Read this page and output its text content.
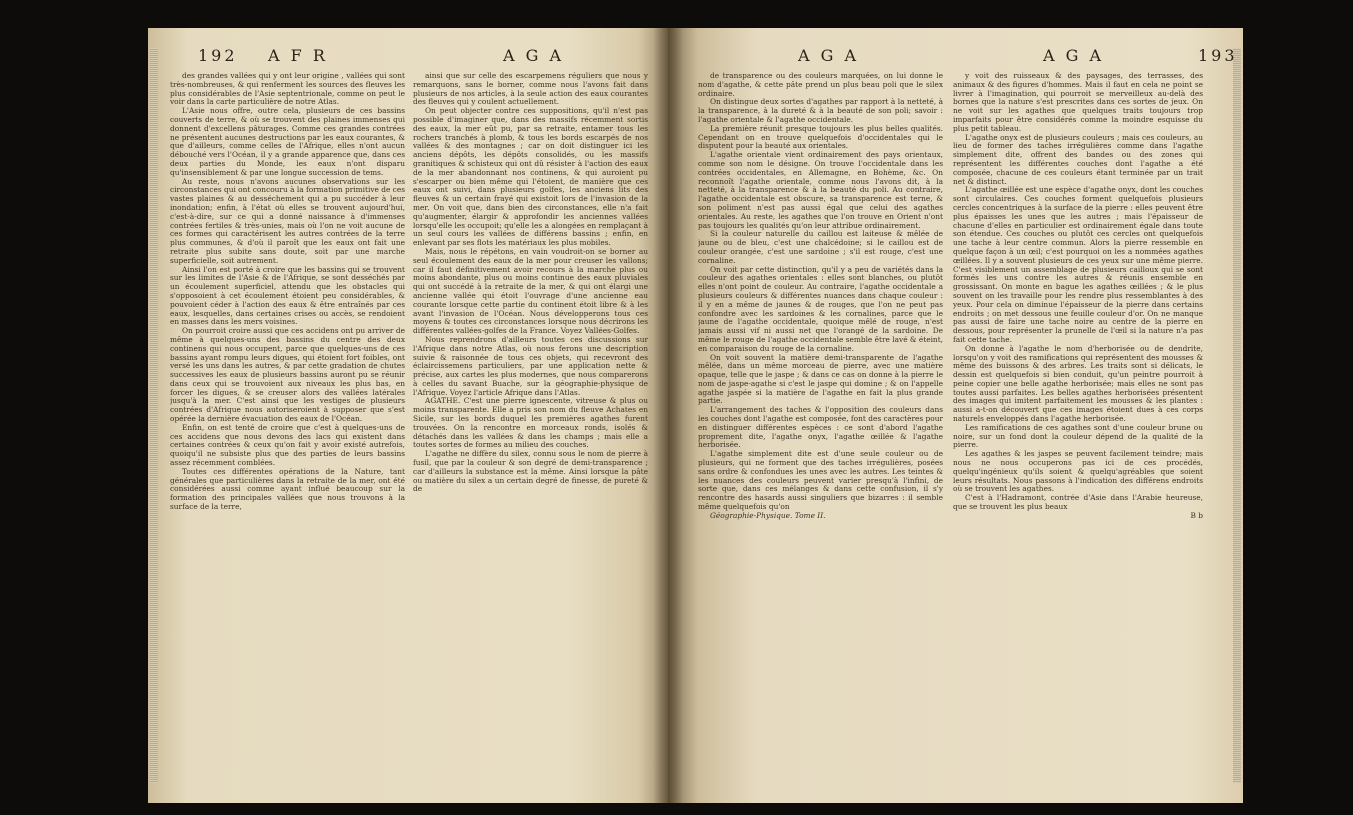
192 A F R	A G A

des grandes vallées qui y ont leur origine , vallées qui sont très-nombreuses, & qui renferment les sources des fleuves les plus considérables de l'Asie septentrionale, comme on peut le voir dans la carte particulière de notre Atlas.

L'Asie nous offre, outre cela, plusieurs de ces bassins couverts de terre, & où se trouvent des plaines immenses qui donnent d'excellens pâturages. Comme ces grandes contrées ne présentent aucunes destructions par les eaux courantes, & que d'ailleurs, comme celles de l'Afrique, elles n'ont aucun débouché vers l'Océan, il y a grande apparence que, dans ces deux parties du Monde, les eaux n'ont disparu qu'insensiblement & par une longue succession de tems.

Au reste, nous n'avons aucunes observations sur les circonstances qui ont concouru à la formation primitive de ces vastes plaines & au desséchement qui a pu succéder à leur inondation; enfin, à l'état où elles se trouvent aujourd'hui, c'est-à-dire, sur ce qui a donné naissance à d'immenses contrées fertiles & très-unies, mais où l'on ne voit aucune de ces formes qui caractérisent les autres contrées de la terre plus communes, & d'où il paroît que les eaux ont fait une retraite plus subite sans doute, soit par une marche superficielle, soit autrement.

Ainsi l'on est porté à croire que les bassins qui se trouvent sur les limites de l'Asie & de l'Afrique, se sont desséchés par un écoulement superficiel, attendu que les obstacles qui s'opposoient à cet écoulement étoient peu considérables, & pouvoient céder à l'action des eaux & être entraînés par ces eaux, lesquelles, dans certaines crises ou accès, se rendoient en masses dans les mers voisines.

On pourroit croire aussi que ces accidens ont pu arriver de même à quelques-uns des bassins du centre des deux continens qui nous occupent, parce que quelques-uns de ces bassins ayant rompu leurs digues, qui étoient fort foibles, ont versé les uns dans les autres, & par cette gradation de chutes successives les eaux de plusieurs bassins auront pu se réunir dans ceux qui se trouvoient aux niveaux les plus bas, en forcer les digues, & se creuser alors des vallées latérales jusqu'à la mer. C'est ainsi que les vestiges de plusieurs contrées d'Afrique nous autoriseroient à supposer que s'est opérée la dernière évacuation des eaux de l'Océan.

Enfin, on est tenté de croire que c'est à quelques-uns de ces accidens que nous devons des lacs qui existent dans certaines contrées & ceux qu'on fait y avoir existé autrefois, quoiqu'il ne subsiste plus que des parties de leurs bassins assez récemment comblées.

Toutes ces différentes opérations de la Nature, tant générales que particulières dans la retraite de la mer, ont été considérées aussi comme ayant influé beaucoup sur la formation des principales vallées que nous trouvons à la surface de la terre,

ainsi que sur celle des escarpemens réguliers que nous y remarquons, sans le borner, comme nous l'avons fait dans plusieurs de nos articles, à la seule action des eaux courantes des fleuves qui y coulent actuellement.

On peut objecter contre ces suppositions, qu'il n'est pas possible d'imaginer que, dans des massifs récemment sortis des eaux, la mer eût pu, par sa retraite, entamer tous les rochers tranchés à plomb, & tous les bords escarpés de nos vallées & des montagnes ; car on doit distinguer ici les anciens dépôts, les dépôts consolidés, ou les massifs granitiques & schisteux qui ont dû résister à l'action des eaux de la mer abandonnant nos continens, & qui auroient pu s'escarper ou bien même qui l'étoient, de manière que ces eaux ont suivi, dans plusieurs golfes, les anciens lits des fleuves & un certain frayé qui existoit lors de l'invasion de la mer. On voit que, dans bien des circonstances, elle n'a fait qu'augmenter, élargir & approfondir les anciennes vallées lorsqu'elle les occupoit; qu'elle les a alongées en remplaçant à un seul cours les vallées de différens bassins ; enfin, en enlevant par ses flots les matériaux les plus mobiles.

Mais, nous le répétons, en vain voudroit-on se borner au seul écoulement des eaux de la mer pour creuser les vallons; car il faut définitivement avoir recours à la marche plus ou moins abondante, plus ou moins continue des eaux pluviales qui ont succédé à la retraite de la mer, & qui ont élargi une ancienne vallée qui étoit l'ouvrage d'une ancienne eau courante lorsque cette partie du continent étoit libre & à les avant l'invasion de l'Océan. Nous développerons tous ces moyens & toutes ces circonstances lorsque nous décrirons les différentes vallées-golfes de la France. Voyez Vallées-Golfes.

Nous reprendrons d'ailleurs toutes ces discussions sur l'Afrique dans notre Atlas, où nous ferons une description suivie & raisonnée de tous ces objets, qui recevront des éclaircissemens particuliers, par une application nette & précise, aux cartes les plus modernes, que nous comparerons à celles du savant Buache, sur la géographie-physique de l'Afrique. Voyez l'article Afrique dans l'Atlas.

AGATHE. C'est une pierre ignescente, vitreuse & plus ou moins transparente. Elle a pris son nom du fleuve Achates en Sicile, sur les bords duquel les premières agathes furent trouvées. On la rencontre en morceaux ronds, isolés & détachés dans les vallées & dans les champs ; mais elle a toutes sortes de formes au milieu des couches.

L'agathe ne diffère du silex, connu sous le nom de pierre à fusil, que par la couleur & son degré de demi-transparence ; car d'ailleurs la substance est la même. Ainsi lorsque la pâte ou matière du silex a un certain degré de finesse, de pureté & de

A G A	A G A	193

de transparence ou des couleurs marquées, on lui donne le nom d'agathe, & cette pâte prend un plus beau poli que le silex ordinaire.

On distingue deux sortes d'agathes par rapport à la netteté, à la transparence, à la dureté & à la beauté de son poli; savoir : l'agathe orientale & l'agathe occidentale.

La première réunit presque toujours les plus belles qualités. Cependant on en trouve quelquefois d'occidentales qui le disputent pour la beauté aux orientales.

L'agathe orientale vient ordinairement des pays orientaux, comme son nom le désigne. On trouve l'occidentale dans les contrées occidentales, en Allemagne, en Bohème, &c. On reconnoît l'agathe orientale, comme nous l'avons dit, à la netteté, à la transparence & à la beauté du poli. Au contraire, l'agathe occidentale est obscure, sa transparence est terne, & son poliment n'est pas aussi égal que celui des agathes orientales. Au reste, les agathes que l'on trouve en Orient n'ont pas toujours les qualités qu'on leur attribue ordinairement.

Si la couleur naturelle du caillou est laiteuse & mêlée de jaune ou de bleu, c'est une chalcédoine; si le caillou est de couleur orangée, c'est une sardoine ; s'il est rouge, c'est une cornaline.

On voit par cette distinction, qu'il y a peu de variétés dans la couleur des agathes orientales : elles sont blanches, ou plutôt elles n'ont point de couleur. Au contraire, l'agathe occidentale a plusieurs couleurs & différentes nuances dans chaque couleur : il y en a même de jaunes & de rouges, que l'on ne peut pas confondre avec les sardoines & les cornalines, parce que le jaune de l'agathe occidentale, quoique mêlé de rouge, n'est jamais aussi vif ni aussi net que l'orangé de la sardoine. De même le rouge de l'agathe occidentale semble être lavé & éteint, en comparaison du rouge de la cornaline.

On voit souvent la matière demi-transparente de l'agathe mêlée, dans un même morceau de pierre, avec une matière opaque, telle que le jaspe ; & dans ce cas on donne à la pierre le nom de jaspe-agathe si c'est le jaspe qui domine ; & on l'appelle agathe jaspée si la matière de l'agathe en fait la plus grande partie.

L'arrangement des taches & l'opposition des couleurs dans les couches dont l'agathe est composée, font des caractères pour en distinguer différentes espèces : ce sont d'abord l'agathe proprement dite, l'agathe onyx, l'agathe œillée & l'agathe herborisée.

L'agathe simplement dite est d'une seule couleur ou de plusieurs, qui ne forment que des taches irrégulières, posées sans ordre & confondues les unes avec les autres. Les teintes & les nuances des couleurs peuvent varier presqu'à l'infini, de sorte que, dans ces mélanges & dans cette confusion, il s'y rencontre des hasards aussi singuliers que bizarres : il semble même quelquefois qu'on

Géographie-Physique. Tome II.

y voit des ruisseaux & des paysages, des terrasses, des animaux & des figures d'hommes. Mais il faut en cela ne point se livrer à l'imagination, qui pourroit se merveilleux au-delà des bornes que la nature s'est prescrites dans ces sortes de jeux. On ne voit sur les agathes que quelques traits toujours trop imparfaits pour être considérés comme la moindre esquisse du plus petit tableau.

L'agathe onyx est de plusieurs couleurs ; mais ces couleurs, au lieu de former des taches irrégulières comme dans l'agathe simplement dite, offrent des bandes ou des zones qui représentent les différentes couches dont l'agathe a été composée, chacune de ces couleurs étant terminée par un trait net & distinct.

L'agathe œillée est une espèce d'agathe onyx, dont les couches sont circulaires. Ces couches forment quelquefois plusieurs cercles concentriques à la surface de la pierre : elles peuvent être plus épaisses les unes que les autres ; mais l'épaisseur de chacune d'elles en particulier est ordinairement égale dans toute son étendue. Ces couches ou plutôt ces cercles ont quelquefois une tache à leur centre commun. Alors la pierre ressemble en quelque façon à un œil; c'est pourquoi on les a nommées agathes œillées. Il y a souvent plusieurs de ces yeux sur une même pierre. C'est visiblement un assemblage de plusieurs cailloux qui se sont formés les uns contre les autres & réunis ensemble en grossissant. On monte en bague les agathes œillées ; & le plus souvent on les travaille pour les rendre plus ressemblantes à des yeux. Pour cela on diminue l'épaisseur de la pierre dans certains endroits ; on met dessous une feuille couleur d'or. On ne manque pas aussi de faire une tache noire au centre de la pierre en dessous, pour représenter la prunelle de l'œil si la nature n'a pas fait cette tache.

On donne à l'agathe le nom d'herborisée ou de dendrite, lorsqu'on y voit des ramifications qui représentent des mousses & même des buissons & des arbres. Les traits sont si délicats, le dessin est quelquefois si bien conduit, qu'un peintre pourroit à peine copier une belle agathe herborisée; mais elles ne sont pas toutes aussi parfaites. Les belles agathes herborisées présentent des images qui imitent parfaitement les mousses & les plantes : aussi a-t-on découvert que ces images étoient dues à ces corps naturels enveloppés dans l'agathe herborisée.

Les ramifications de ces agathes sont d'une couleur brune ou noire, sur un fond dont la couleur dépend de la qualité de la pierre.

Les agathes & les jaspes se peuvent facilement teindre; mais nous ne nous occuperons pas ici de ces procédés, quelqu'ingénieux qu'ils soient & quelqu'agréables que soient leurs résultats. Nous passons à l'indication des différens endroits où se trouvent les agathes.

C'est à l'Hadramont, contrée d'Asie dans l'Arabie heureuse, que se trouvent les plus beaux

B b
